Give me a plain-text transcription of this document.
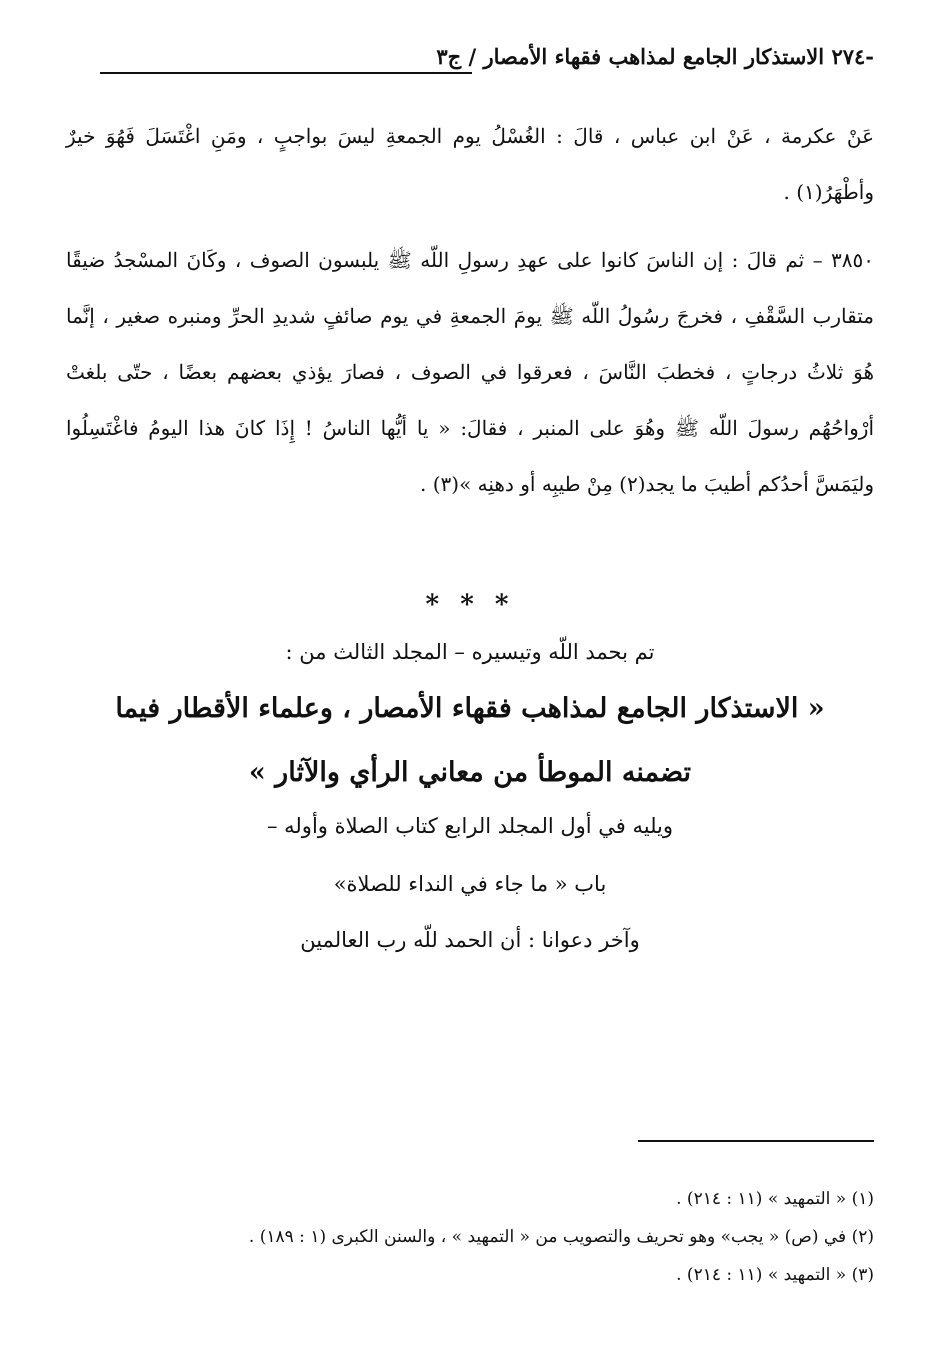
-٢٧٤ الاستذكار الجامع لمذاهب فقهاء الأمصار / ج٣

عَنْ عكرمة ، عَنْ ابن عباس ، قالَ : الغُسْلُ يوم الجمعةِ ليسَ بواجبٍ ، ومَنِ اغْتَسَلَ فَهُوَ خيرٌ وأطْهَرُ(١) .

٣٨٥٠ – ثم قالَ : إن الناسَ كانوا على عهدِ رسولِ اللّه ﷺ يلبسون الصوف ، وكَانَ المسْجدُ ضيقًا متقارب السَّقْفِ ، فخرجَ رسُولُ اللّه ﷺ يومَ الجمعةِ في يوم صائفٍ شديدِ الحرِّ ومنبره صغير ، إنَّما هُوَ ثلاثُ درجاتٍ ، فخطبَ النَّاسَ ، فعرقوا في الصوف ، فصارَ يؤذي بعضهم بعضًا ، حتّى بلغتْ أرْواحُهُم رسولَ اللّه ﷺ وهُوَ على المنبر ، فقالَ: « يا أيُّها الناسُ ! إِذَا كانَ هذا اليومُ فاغْتَسِلُوا وليَمَسَّ أحدُكم أطيبَ ما يجد(٢) مِنْ طيبِه أو دهنِه »(٣) .

* * *
تم بحمد اللّه وتيسيره – المجلد الثالث من :
« الاستذكار الجامع لمذاهب فقهاء الأمصار ، وعلماء الأقطار فيما
تضمنه الموطأ من معاني الرأي والآثار »
ويليه في أول المجلد الرابع كتاب الصلاة وأوله –
باب « ما جاء في النداء للصلاة»
وآخر دعوانا : أن الحمد للّه رب العالمين
(١) « التمهيد » (١١ : ٢١٤) .
(٢) في (ص) « يجب» وهو تحريف والتصويب من « التمهيد » ، والسنن الكبرى (١ : ١٨٩) .
(٣) « التمهيد » (١١ : ٢١٤) .
